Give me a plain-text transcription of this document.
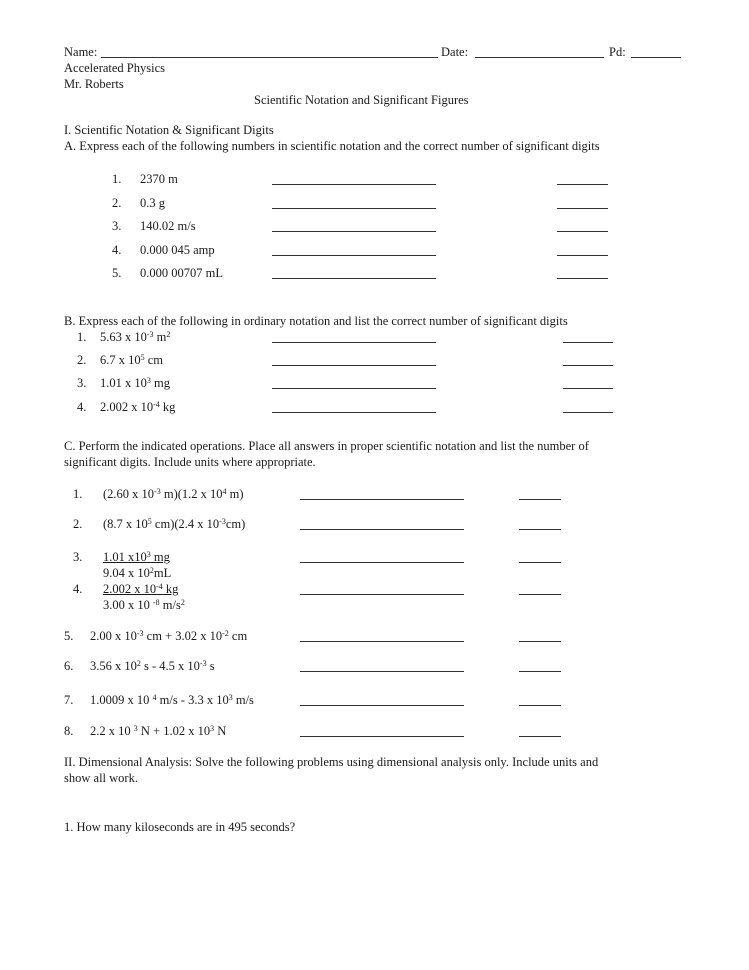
Name:	Date:	Pd:
Accelerated Physics
Mr. Roberts
Scientific Notation and Significant Figures
I. Scientific Notation & Significant Digits
A. Express each of the following numbers in scientific notation and the correct number of significant digits
1. 2370 m
2. 0.3 g
3. 140.02 m/s
4. 0.000 045 amp
5. 0.000 00707 mL
1. 5.63 x $10^{-3}$ $m^2$
2. 6.7 x $10^5$ cm
3. 1.01 x $10^3$ mg
4. 2.002 x $10^{-4}$ kg
1. (2.60 x $10^{-3}$ m)(1.2 x $10^4$ m)
2. (8.7 x $10^5$ cm)(2.4 x $10^{-3}cm$)
3. 1.01 $x10^3$ mg
9.04 x $10^2mL$
4. 2.002 x $10^{-4}$ kg
3.00 x 10 $^{-8}$ $m/s^2$
5. 2.00 x $10^{-3}$ cm + 3.02 x $10^{-2}$ cm
6. 3.56 x $10^2$ s - 4.5 x $10^{-3}$ s
7. 1.0009 x 10 $^4$ m/s - 3.3 x $10^3$ m/s
8. 2.2 x 10 $^3$ N + 1.02 x $10^3$ N
B. Express each of the following in ordinary notation and list the correct number of significant digits
C. Perform the indicated operations. Place all answers in proper scientific notation and list the number of
significant digits. Include units where appropriate.
II. Dimensional Analysis: Solve the following problems using dimensional analysis only. Include units and
show all work.
1. How many kiloseconds are in 495 seconds?
